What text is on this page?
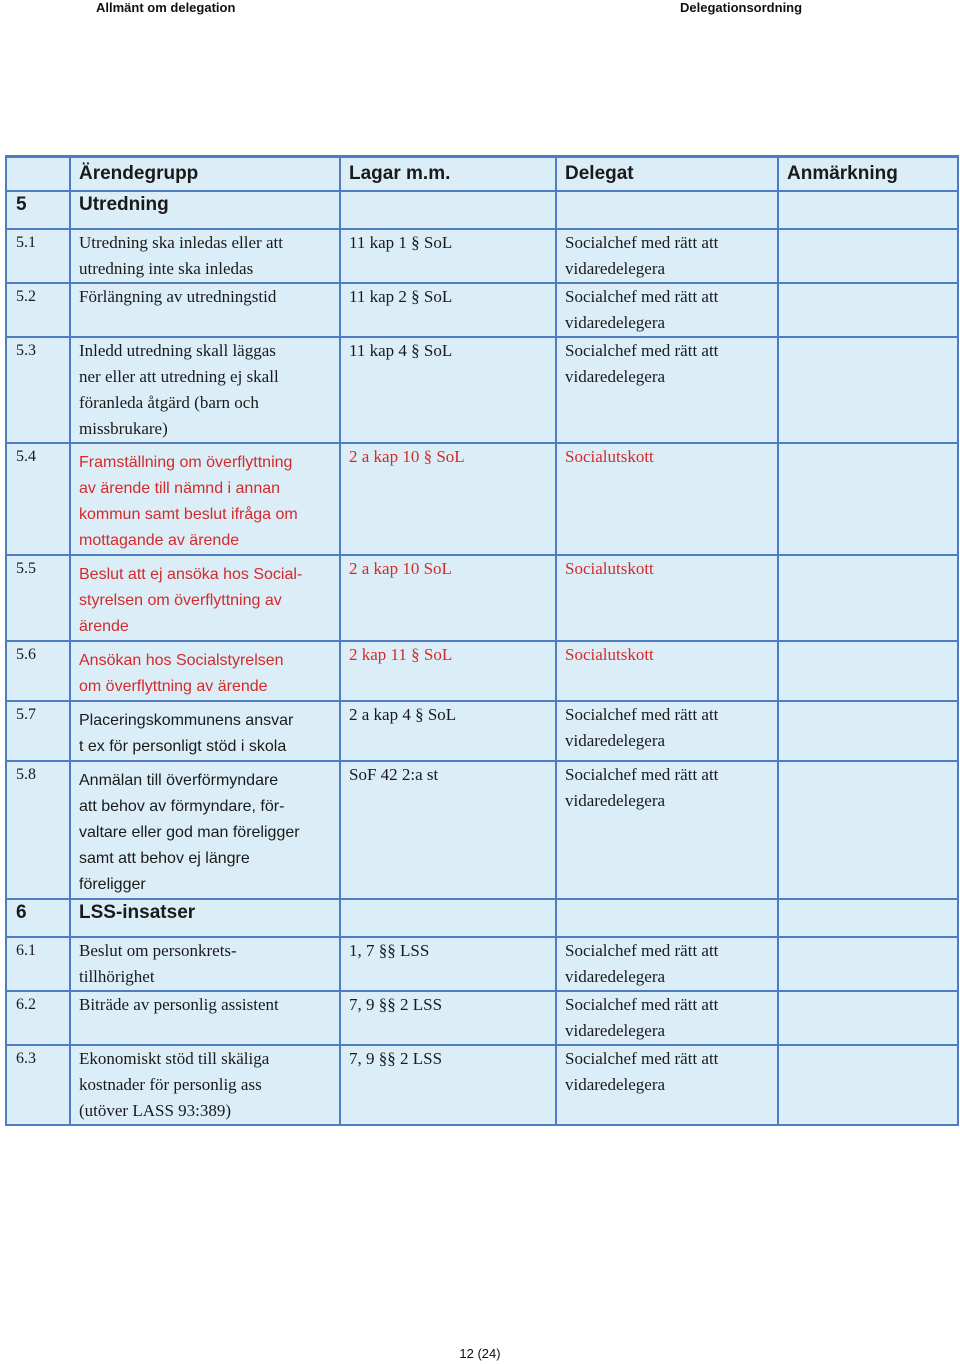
Allmänt om delegation	Delegationsordning
	Ärendegrupp	Lagar m.m.	Delegat	Anmärkning
5	Utredning			
5.1	Utredning ska inledas eller att
utredning inte ska inledas	11 kap 1 § SoL	Socialchef med rätt att
vidaredelegera	
5.2	Förlängning av utredningstid	11 kap 2 § SoL	Socialchef med rätt att
vidaredelegera	
5.3	Inledd utredning skall läggas
ner eller att utredning ej skall
föranleda åtgärd (barn och
missbrukare)	11 kap 4 § SoL	Socialchef med rätt att
vidaredelegera	
5.4	Framställning om överflyttning
av ärende till nämnd i annan
kommun samt beslut ifråga om
mottagande av ärende	2 a kap 10 § SoL	Socialutskott	
5.5	Beslut att ej ansöka hos Social-
styrelsen om överflyttning av
ärende	2 a kap 10 SoL	Socialutskott	
5.6	Ansökan hos Socialstyrelsen
om överflyttning av ärende	2 kap 11 § SoL	Socialutskott	
5.7	Placeringskommunens ansvar
t ex för personligt stöd i skola	2 a kap 4 § SoL	Socialchef med rätt att
vidaredelegera	
5.8	Anmälan till överförmyndare
att behov av förmyndare, för-
valtare eller god man föreligger
samt att behov ej längre
föreligger	SoF 42 2:a st	Socialchef med rätt att
vidaredelegera	
6	LSS-insatser			
6.1	Beslut om personkrets-
tillhörighet	1, 7 §§ LSS	Socialchef med rätt att
vidaredelegera	
6.2	Biträde av personlig assistent	7, 9 §§ 2 LSS	Socialchef med rätt att
vidaredelegera	
6.3	Ekonomiskt stöd till skäliga
kostnader för personlig ass
(utöver LASS 93:389)	7, 9 §§ 2 LSS	Socialchef med rätt att
vidaredelegera	
12 (24)
